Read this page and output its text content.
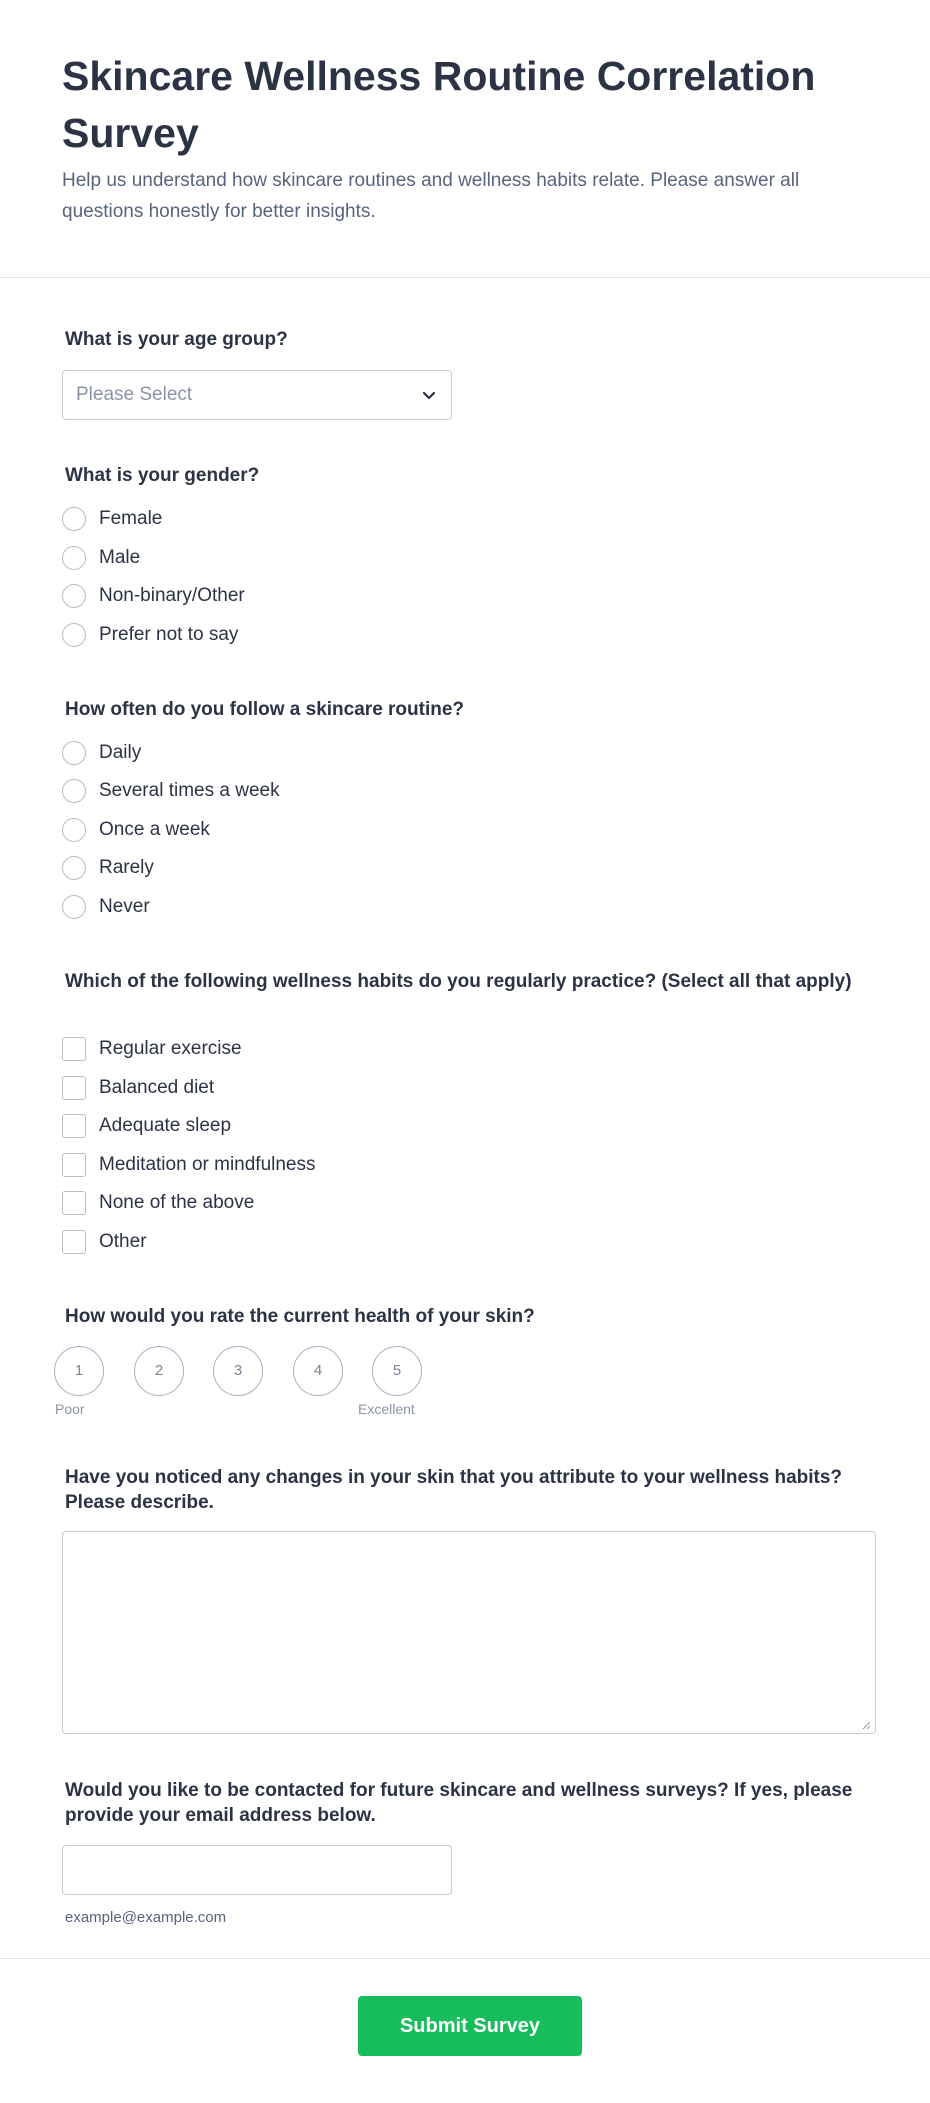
Skincare Wellness Routine Correlation Survey
Help us understand how skincare routines and wellness habits relate. Please answer all questions honestly for better insights.
What is your age group?
Please Select
What is your gender?
Female
Male
Non-binary/Other
Prefer not to say
How often do you follow a skincare routine?
Daily
Several times a week
Once a week
Rarely
Never
Which of the following wellness habits do you regularly practice? (Select all that apply)
Regular exercise
Balanced diet
Adequate sleep
Meditation or mindfulness
None of the above
Other
How would you rate the current health of your skin?
1	2	3	4	5
Poor	Excellent
Have you noticed any changes in your skin that you attribute to your wellness habits? Please describe.
Would you like to be contacted for future skincare and wellness surveys? If yes, please provide your email address below.
example@example.com
Submit Survey
